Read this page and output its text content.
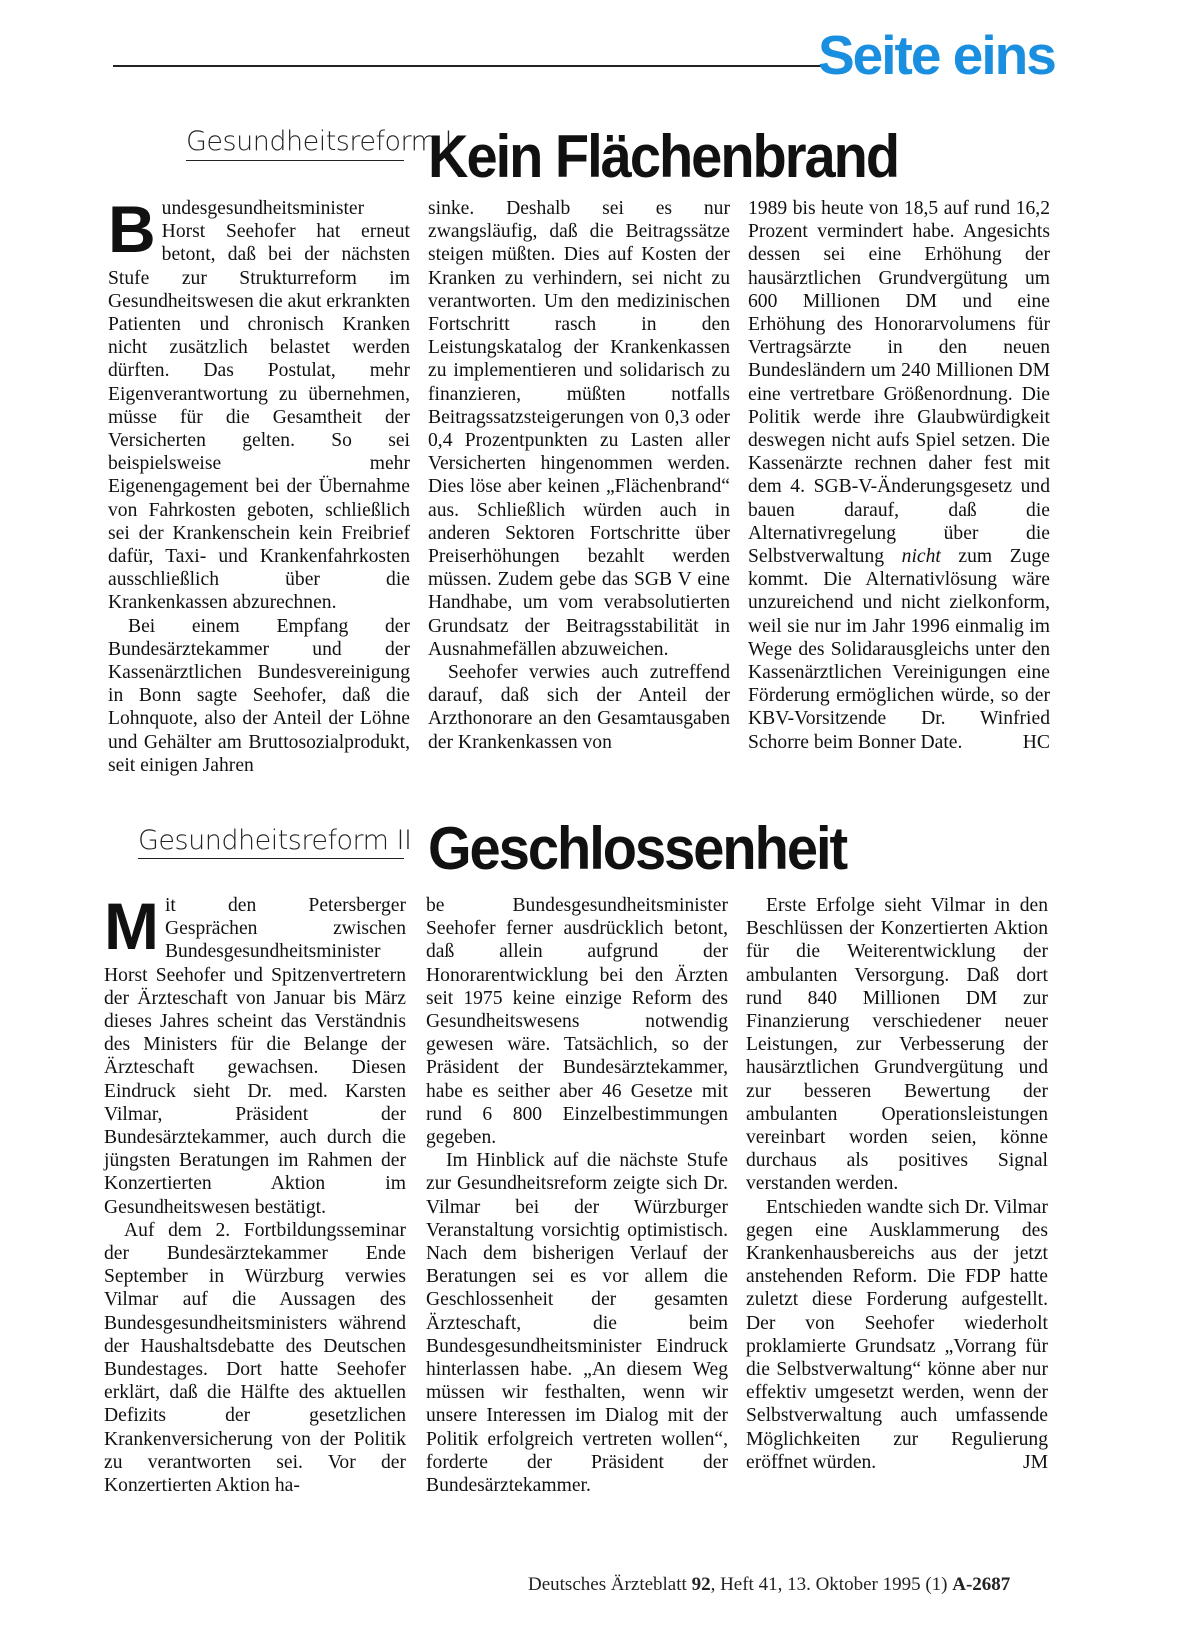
Seite eins
Gesundheitsreform I
Kein Flächenbrand

Bundesgesundheitsminister Horst Seehofer hat erneut betont, daß bei der nächsten Stufe zur Strukturreform im Gesundheitswesen die akut erkrankten Patienten und chronisch Kranken nicht zusätzlich belastet werden dürften. Das Postulat, mehr Eigenverantwortung zu übernehmen, müsse für die Gesamtheit der Versicherten gelten. So sei beispielsweise mehr Eigenengagement bei der Übernahme von Fahrkosten geboten, schließlich sei der Krankenschein kein Freibrief dafür, Taxi- und Krankenfahrkosten ausschließlich über die Krankenkassen abzurechnen.

Bei einem Empfang der Bundesärztekammer und der Kassenärztlichen Bundesvereinigung in Bonn sagte Seehofer, daß die Lohnquote, also der Anteil der Löhne und Gehälter am Bruttosozialprodukt, seit einigen Jahren

sinke. Deshalb sei es nur zwangsläufig, daß die Beitragssätze steigen müßten. Dies auf Kosten der Kranken zu verhindern, sei nicht zu verantworten. Um den medizinischen Fortschritt rasch in den Leistungskatalog der Krankenkassen zu implementieren und solidarisch zu finanzieren, müßten notfalls Beitragssatzsteigerungen von 0,3 oder 0,4 Prozentpunkten zu Lasten aller Versicherten hingenommen werden. Dies löse aber keinen „Flächenbrand“ aus. Schließlich würden auch in anderen Sektoren Fortschritte über Preiserhöhungen bezahlt werden müssen. Zudem gebe das SGB V eine Handhabe, um vom verabsolutierten Grundsatz der Beitragsstabilität in Ausnahmefällen abzuweichen.

Seehofer verwies auch zutreffend darauf, daß sich der Anteil der Arzthonorare an den Gesamtausgaben der Krankenkassen von

1989 bis heute von 18,5 auf rund 16,2 Prozent vermindert habe. Angesichts dessen sei eine Erhöhung der hausärztlichen Grundvergütung um 600 Millionen DM und eine Erhöhung des Honorarvolumens für Vertragsärzte in den neuen Bundesländern um 240 Millionen DM eine vertretbare Größenordnung. Die Politik werde ihre Glaubwürdigkeit deswegen nicht aufs Spiel setzen. Die Kassenärzte rechnen daher fest mit dem 4. SGB-V-Änderungsgesetz und bauen darauf, daß die Alternativregelung über die Selbstverwaltung nicht zum Zuge kommt. Die Alternativlösung wäre unzureichend und nicht zielkonform, weil sie nur im Jahr 1996 einmalig im Wege des Solidarausgleichs unter den Kassenärztlichen Vereinigungen eine Förderung ermöglichen würde, so der KBV-Vorsitzende Dr. Winfried Schorre beim Bonner Date.	HC

Gesundheitsreform II Geschlossenheit

Mit den Petersberger Gesprächen zwischen Bundesgesundheitsminister Horst Seehofer und Spitzenvertretern der Ärzteschaft von Januar bis März dieses Jahres scheint das Verständnis des Ministers für die Belange der Ärzteschaft gewachsen. Diesen Eindruck sieht Dr. med. Karsten Vilmar, Präsident der Bundesärztekammer, auch durch die jüngsten Beratungen im Rahmen der Konzertierten Aktion im Gesundheitswesen bestätigt.

Auf dem 2. Fortbildungsseminar der Bundesärztekammer Ende September in Würzburg verwies Vilmar auf die Aussagen des Bundesgesundheitsministers während der Haushaltsdebatte des Deutschen Bundestages. Dort hatte Seehofer erklärt, daß die Hälfte des aktuellen Defizits der gesetzlichen Krankenversicherung von der Politik zu verantworten sei. Vor der Konzertierten Aktion ha-

be Bundesgesundheitsminister Seehofer ferner ausdrücklich betont, daß allein aufgrund der Honorarentwicklung bei den Ärzten seit 1975 keine einzige Reform des Gesundheitswesens notwendig gewesen wäre. Tatsächlich, so der Präsident der Bundesärztekammer, habe es seither aber 46 Gesetze mit rund 6 800 Einzelbestimmungen gegeben.

Im Hinblick auf die nächste Stufe zur Gesundheitsreform zeigte sich Dr. Vilmar bei der Würzburger Veranstaltung vorsichtig optimistisch. Nach dem bisherigen Verlauf der Beratungen sei es vor allem die Geschlossenheit der gesamten Ärzteschaft, die beim Bundesgesundheitsminister Eindruck hinterlassen habe. „An diesem Weg müssen wir festhalten, wenn wir unsere Interessen im Dialog mit der Politik erfolgreich vertreten wollen“, forderte der Präsident der Bundesärztekammer.

Erste Erfolge sieht Vilmar in den Beschlüssen der Konzertierten Aktion für die Weiterentwicklung der ambulanten Versorgung. Daß dort rund 840 Millionen DM zur Finanzierung verschiedener neuer Leistungen, zur Verbesserung der hausärztlichen Grundvergütung und zur besseren Bewertung der ambulanten Operationsleistungen vereinbart worden seien, könne durchaus als positives Signal verstanden werden.

Entschieden wandte sich Dr. Vilmar gegen eine Ausklammerung des Krankenhausbereichs aus der jetzt anstehenden Reform. Die FDP hatte zuletzt diese Forderung aufgestellt. Der von Seehofer wiederholt proklamierte Grundsatz „Vorrang für die Selbstverwaltung“ könne aber nur effektiv umgesetzt werden, wenn der Selbstverwaltung auch umfassende Möglichkeiten zur Regulierung eröffnet würden.	JM

Deutsches Ärzteblatt 92, Heft 41, 13. Oktober 1995 (1) A-2687
